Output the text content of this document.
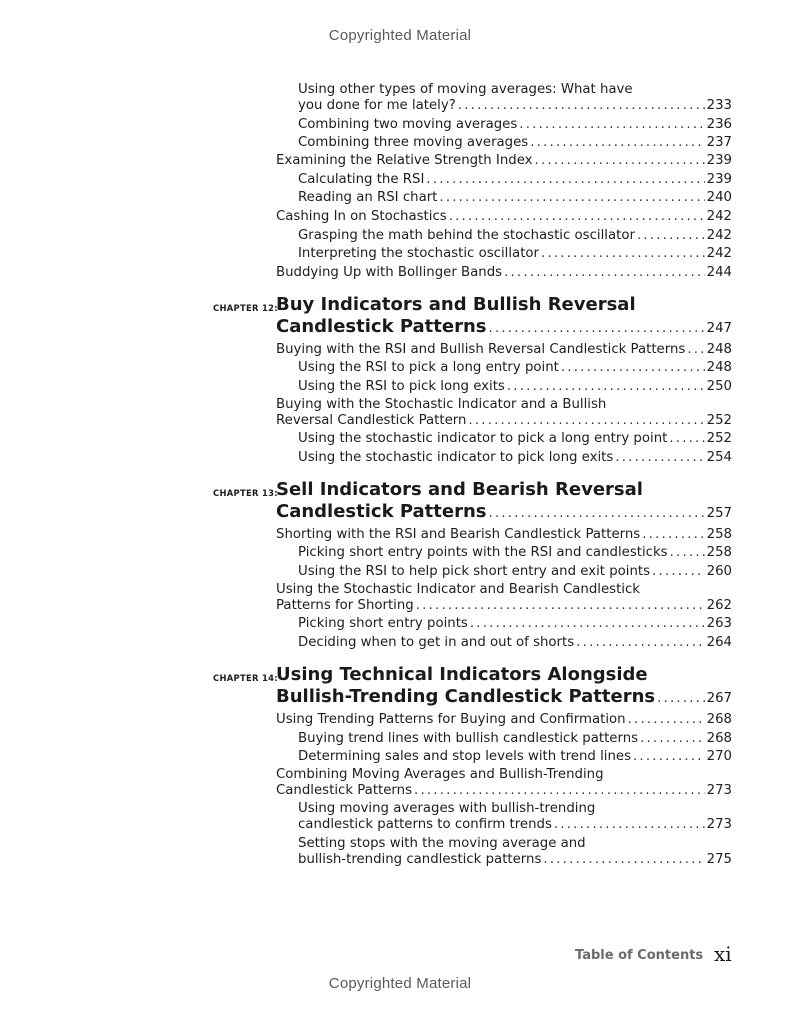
Copyrighted Material
Using other types of moving averages: What have
you done for me lately? .....	233
Combining two moving averages .....	236
Combining three moving averages .....	237
Examining the Relative Strength Index .....	239
Calculating the RSI .....	239
Reading an RSI chart .....	240
Cashing In on Stochastics .....	242
Grasping the math behind the stochastic oscillator .....	242
Interpreting the stochastic oscillator .....	242
Buddying Up with Bollinger Bands .....	244
CHAPTER 12:
Buy Indicators and Bullish Reversal
Candlestick Patterns .....	247
Buying with the RSI and Bullish Reversal Candlestick Patterns ..... 248
Using the RSI to pick a long entry point .....	248
Using the RSI to pick long exits .....	250
Buying with the Stochastic Indicator and a Bullish
Reversal Candlestick Pattern .....	252
Using the stochastic indicator to pick a long entry point .....	252
Using the stochastic indicator to pick long exits .....	254
CHAPTER 13:
Sell Indicators and Bearish Reversal
Candlestick Patterns .....	257
Shorting with the RSI and Bearish Candlestick Patterns .....	258
Picking short entry points with the RSI and candlesticks .....	258
Using the RSI to help pick short entry and exit points .....	260
Using the Stochastic Indicator and Bearish Candlestick
Patterns for Shorting .....	262
Picking short entry points .....	263
Deciding when to get in and out of shorts .....	264
CHAPTER 14:
Using Technical Indicators Alongside
Bullish-Trending Candlestick Patterns .....	267
Using Trending Patterns for Buying and Confirmation .....	268
Buying trend lines with bullish candlestick patterns .....	268
Determining sales and stop levels with trend lines .....	270
Combining Moving Averages and Bullish-Trending
Candlestick Patterns .....	273
Using moving averages with bullish-trending
candlestick patterns to confirm trends .....	273
Setting stops with the moving average and
bullish-trending candlestick patterns .....	275
Table of Contents xi
Copyrighted Material
